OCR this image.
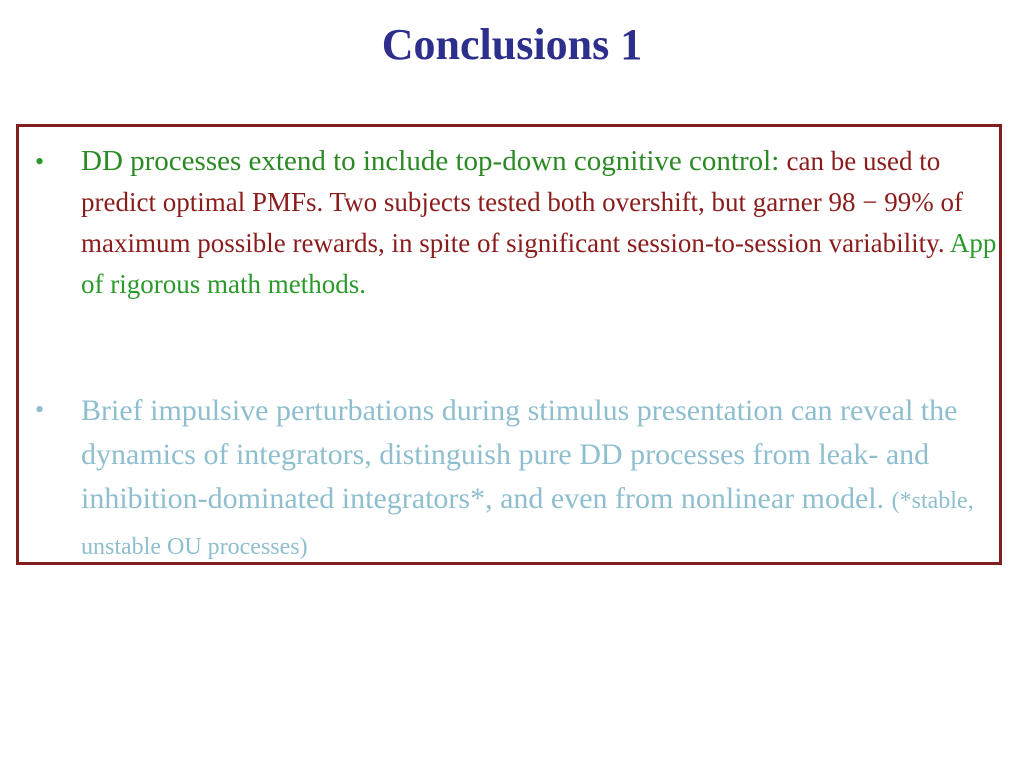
Conclusions 1
• DD processes extend to include top-down cognitive control: can be used to predict optimal PMFs. Two subjects tested both overshift, but garner 98 − 99% of maximum possible rewards, in spite of significant session-to-session variability. App of rigorous math methods.
• Brief impulsive perturbations during stimulus presentation can reveal the dynamics of integrators, distinguish pure DD processes from leak- and inhibition-dominated integrators*, and even from nonlinear model. (*stable, unstable OU processes)
